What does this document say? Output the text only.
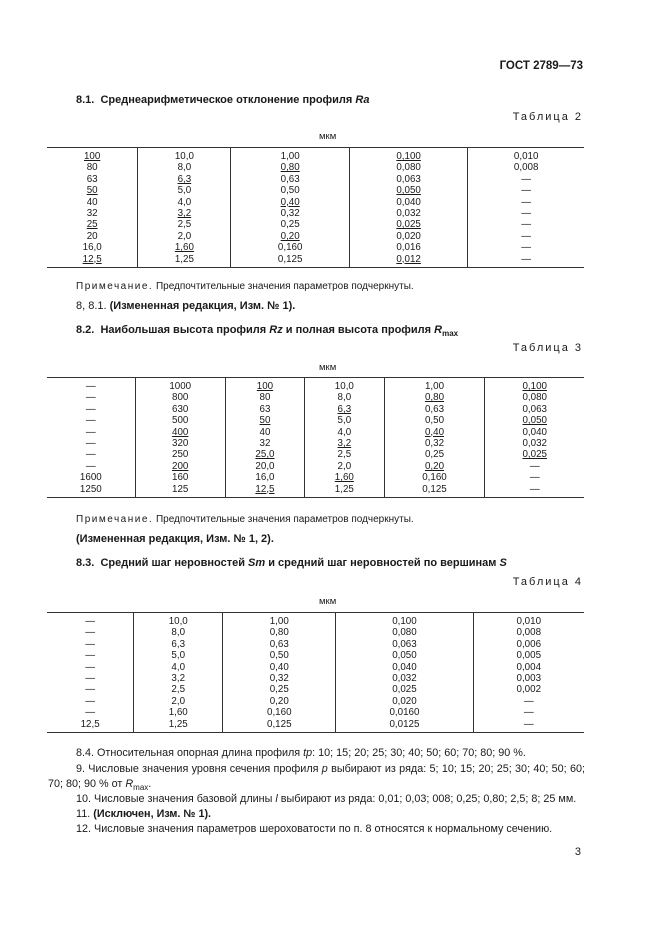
ГОСТ 2789—73
8.1. Среднеарифметическое отклонение профиля Ra
Таблица 2
мкм
100	10,0	1,00	0,100	0,010
80	8,0	0,80	0,080	0,008
63	6,3	0,63	0,063	—
50	5,0	0,50	0,050	—
40	4,0	0,40	0,040	—
32	3,2	0,32	0,032	—
25	2,5	0,25	0,025	—
20	2,0	0,20	0,020	—
16,0	1,60	0,160	0,016	—
12,5	1,25	0,125	0,012	—
Примечание. Предпочтительные значения параметров подчеркнуты.
8, 8.1. (Измененная редакция, Изм. № 1).
8.2. Наибольшая высота профиля Rz и полная высота профиля $R_{max}$
Таблица 3
мкм
—	1000	100	10,0	1,00	0,100
—	800	80	8,0	0,80	0,080
—	630	63	6,3	0,63	0,063
—	500	50	5,0	0,50	0,050
—	400	40	4,0	0,40	0,040
—	320	32	3,2	0,32	0,032
—	250	25,0	2,5	0,25	0,025
—	200	20,0	2,0	0,20	—
1600	160	16,0	1,60	0,160	—
1250	125	12,5	1,25	0,125	—
Примечание. Предпочтительные значения параметров подчеркнуты.
(Измененная редакция, Изм. № 1, 2).
8.3. Средний шаг неровностей Sm и средний шаг неровностей по вершинам S
Таблица 4
мкм
—	10,0	1,00	0,100	0,010
—	8,0	0,80	0,080	0,008
—	6,3	0,63	0,063	0,006
—	5,0	0,50	0,050	0,005
—	4,0	0,40	0,040	0,004
—	3,2	0,32	0,032	0,003
—	2,5	0,25	0,025	0,002
—	2,0	0,20	0,020	—
—	1,60	0,160	0,0160	—
12,5	1,25	0,125	0,0125	—
8.4. Относительная опорная длина профиля tp: 10; 15; 20; 25; 30; 40; 50; 60; 70; 80; 90 %.
9. Числовые значения уровня сечения профиля p выбирают из ряда: 5; 10; 15; 20; 25; 30; 40; 50; 60; 70; 80; 90 % от $R_{max}$.
10. Числовые значения базовой длины l выбирают из ряда: 0,01; 0,03; 008; 0,25; 0,80; 2,5; 8; 25 мм.
11. (Исключен, Изм. № 1).
12. Числовые значения параметров шероховатости по п. 8 относятся к нормальному сечению.
3
